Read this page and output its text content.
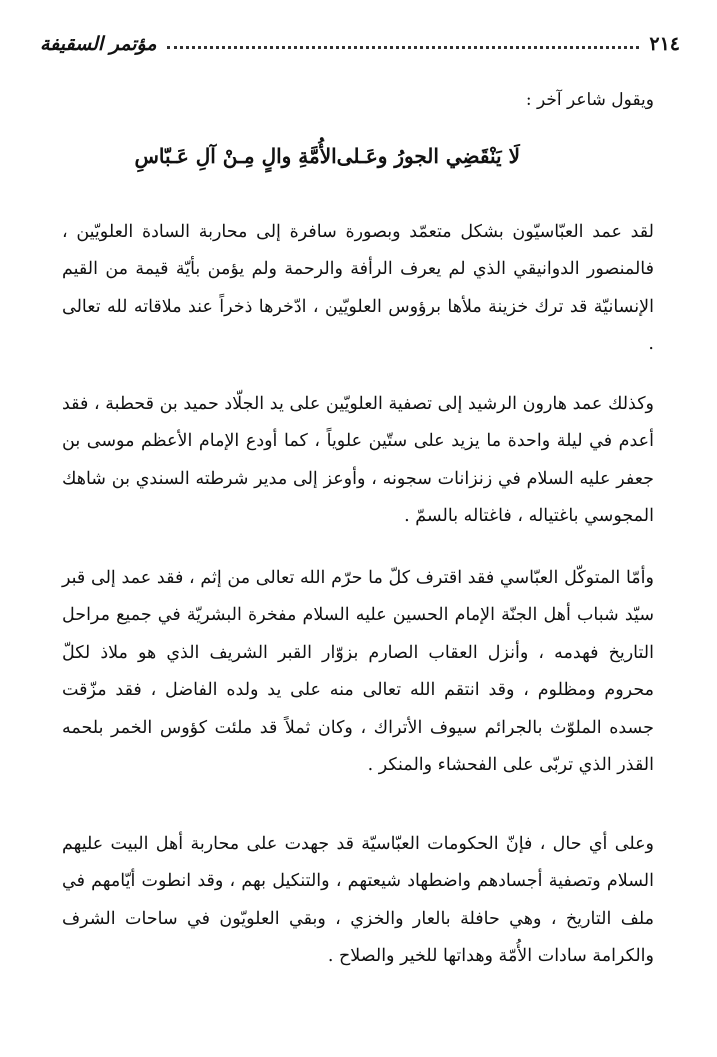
٢١٤
مؤتمر السقيفة
ويقول شاعر آخر :
لَا يَنْقَضِي الجورُ وعَـلى
الأُمَّةِ والٍ مِـنْ آلِ عَـبّاسِ

لقد عمد العبّاسيّون بشكل متعمّد وبصورة سافرة إلى محاربة السادة العلويّين ، فالمنصور الدوانيقي الذي لم يعرف الرأفة والرحمة ولم يؤمن بأيّة قيمة من القيم الإنسانيّة قد ترك خزينة ملأها برؤوس العلويّين ، ادّخرها ذخراً عند ملاقاته لله تعالى .

وكذلك عمد هارون الرشيد إلى تصفية العلويّين على يد الجلّاد حميد بن قحطبة ، فقد أعدم في ليلة واحدة ما يزيد على ستّين علوياً ، كما أودع الإمام الأعظم موسى بن جعفر عليه السلام في زنزانات سجونه ، وأوعز إلى مدير شرطته السندي بن شاهك المجوسي باغتياله ، فاغتاله بالسمّ .

وأمّا المتوكّل العبّاسي فقد اقترف كلّ ما حرّم الله تعالى من إثم ، فقد عمد إلى قبر سيّد شباب أهل الجنّة الإمام الحسين عليه السلام مفخرة البشريّة في جميع مراحل التاريخ فهدمه ، وأنزل العقاب الصارم بزوّار القبر الشريف الذي هو ملاذ لكلّ محروم ومظلوم ، وقد انتقم الله تعالى منه على يد ولده الفاضل ، فقد مزّقت جسده الملوّث بالجرائم سيوف الأتراك ، وكان ثملاً قد ملئت كؤوس الخمر بلحمه القذر الذي تربّى على الفحشاء والمنكر .

وعلى أي حال ، فإنّ الحكومات العبّاسيّة قد جهدت على محاربة أهل البيت عليهم السلام وتصفية أجسادهم واضطهاد شيعتهم ، والتنكيل بهم ، وقد انطوت أيّامهم في ملف التاريخ ، وهي حافلة بالعار والخزي ، وبقي العلويّون في ساحات الشرف والكرامة سادات الأُمّة وهداتها للخير والصلاح .
